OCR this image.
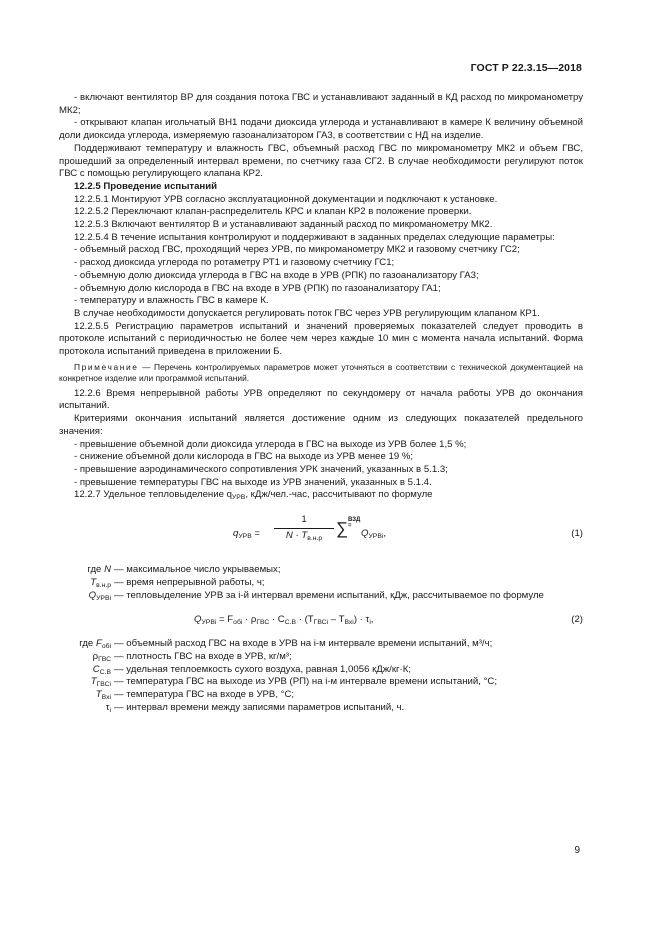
ГОСТ Р 22.3.15—2018

- включают вентилятор ВР для создания потока ГВС и устанавливают заданный в КД расход по микроманометру МК2;

- открывают клапан игольчатый ВН1 подачи диоксида углерода и устанавливают в камере К величину объемной доли диоксида углерода, измеряемую газоанализатором ГА3, в соответствии с НД на изделие.

Поддерживают температуру и влажность ГВС, объемный расход ГВС по микроманометру МК2 и объем ГВС, прошедший за определенный интервал времени, по счетчику газа СГ2. В случае необходимости регулируют поток ГВС с помощью регулирующего клапана КР2.

12.2.5 Проведение испытаний

12.2.5.1 Монтируют УРВ согласно эксплуатационной документации и подключают к установке.

12.2.5.2 Переключают клапан-распределитель КРС и клапан КР2 в положение проверки.

12.2.5.3 Включают вентилятор В и устанавливают заданный расход по микроманометру МК2.

12.2.5.4 В течение испытания контролируют и поддерживают в заданных пределах следующие параметры:

- объемный расход ГВС, проходящий через УРВ, по микроманометру МК2 и газовому счетчику ГС2;

- расход диоксида углерода по ротаметру РТ1 и газовому счетчику ГС1;

- объемную долю диоксида углерода в ГВС на входе в УРВ (РПК) по газоанализатору ГА3;

- объемную долю кислорода в ГВС на входе в УРВ (РПК) по газоанализатору ГА1;

- температуру и влажность ГВС в камере К.

В случае необходимости допускается регулировать поток ГВС через УРВ регулирующим клапаном КР1.

12.2.5.5 Регистрацию параметров испытаний и значений проверяемых показателей следует проводить в протоколе испытаний с периодичностью не более чем через каждые 10 мин с момента начала испытаний. Форма протокола испытаний приведена в приложении Б.

Примечание — Перечень контролируемых параметров может уточняться в соответствии с технической документацией на конкретное изделие или программой испытаний.

12.2.6 Время непрерывной работы УРВ определяют по секундомеру от начала работы УРВ до окончания испытаний.

Критериями окончания испытаний является достижение одним из следующих показателей предельного значения:

- превышение объемной доли диоксида углерода в ГВС на выходе из УРВ более 1,5 %;

- снижение объемной доли кислорода в ГВС на выходе из УРВ менее 19 %;

- превышение аэродинамического сопротивления УРК значений, указанных в 5.1.3;

- превышение температуры ГВС на выходе из УРВ значений, указанных в 5.1.4.

12.2.7 Удельное тепловыделение $q_{УРВ}$, кДж/чел.-час, рассчитывают по формуле

$q_{УРВ}$ =
1
$N \cdot T_{в.н.р}$
∑ ВЗД
=
$Q_{УРВi}$,	(1)
где N — максимальное число укрываемых;
$T_{в.н.р}$ — время непрерывной работы, ч;
$Q_{УРВi}$ — тепловыделение УРВ за i-й интервал времени испытаний, кДж, рассчитываемое по формуле
$Q_{УРВi} = F_{обi} \cdot \rho_{ГВС} \cdot C_{С.В} \cdot (T_{ГВСi} - T_{Вхi}) \cdot \tau_i$,	(2)
где $F_{обi}$ — объемный расход ГВС на входе в УРВ на i-м интервале времени испытаний, м³/ч;
$\rho_{ГВС}$ — плотность ГВС на входе в УРВ, кг/м³;
$C_{С.В}$ — удельная теплоемкость сухого воздуха, равная 1,0056 кДж/кг·К;
$T_{ГВСi}$ — температура ГВС на выходе из УРВ (РП) на i-м интервале времени испытаний, °С;
$T_{Вхi}$ — температура ГВС на входе в УРВ, °С;
$\tau_i$ — интервал времени между записями параметров испытаний, ч.
9
